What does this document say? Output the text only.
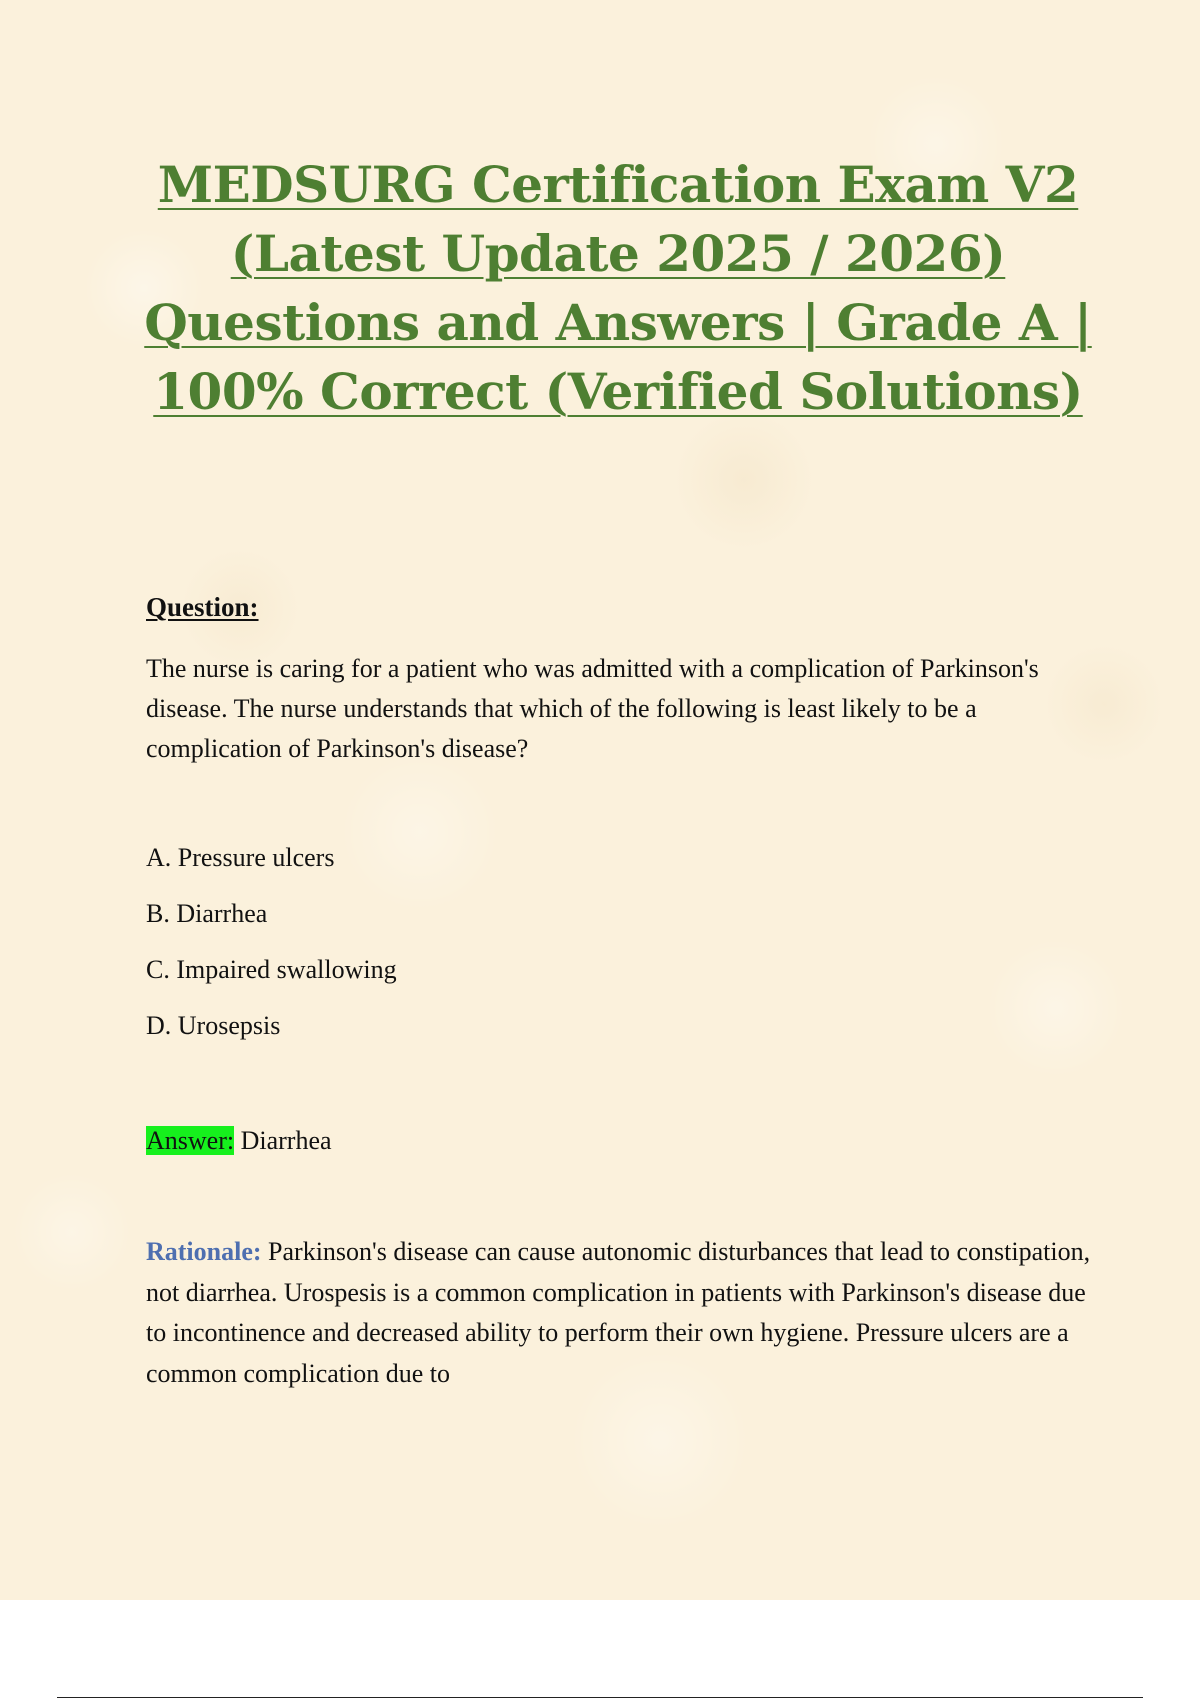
MEDSURG Certification Exam V2
(Latest Update 2025 / 2026)
Questions and Answers | Grade A |
100% Correct (Verified Solutions)

Question:

The nurse is caring for a patient who was admitted with a complication of Parkinson's disease. The nurse understands that which of the following is least likely to be a complication of Parkinson's disease?

A. Pressure ulcers
B. Diarrhea
C. Impaired swallowing
D. Urosepsis

Answer: Diarrhea

Rationale: Parkinson's disease can cause autonomic disturbances that lead to constipation, not diarrhea. Urospesis is a common complication in patients with Parkinson's disease due to incontinence and decreased ability to perform their own hygiene. Pressure ulcers are a common complication due to
